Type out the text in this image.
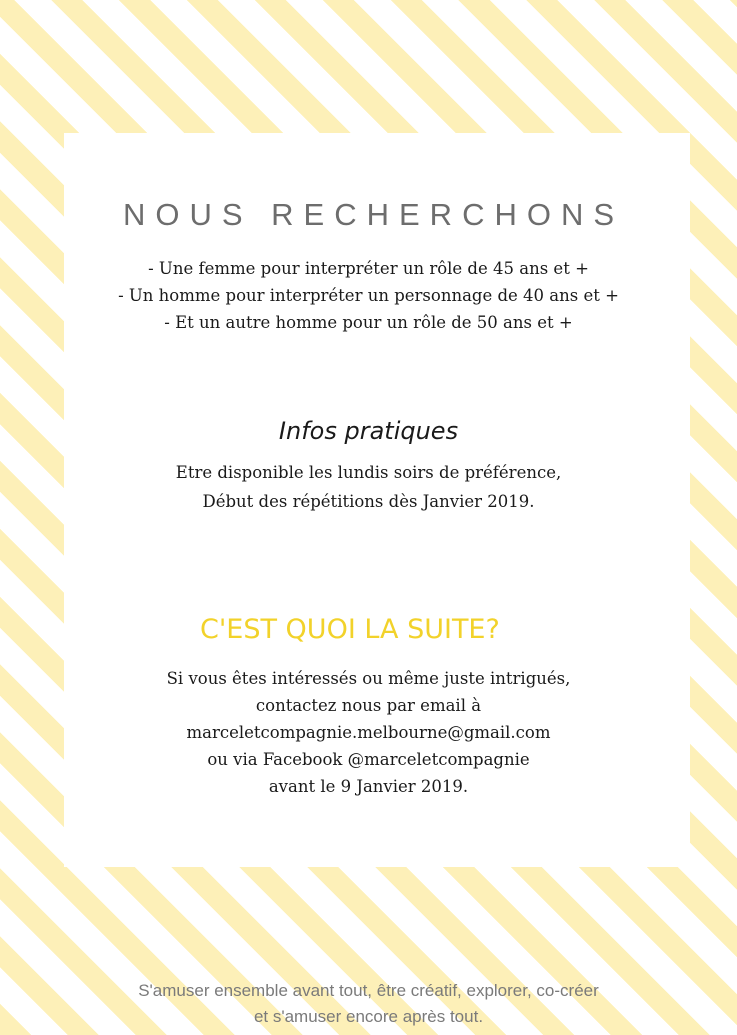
NOUS RECHERCHONS
- Une femme pour interpréter un rôle de 45 ans et +
- Un homme pour interpréter un personnage de 40 ans et +
- Et un autre homme pour un rôle de 50 ans et +
Infos pratiques
Etre disponible les lundis soirs de préférence,
Début des répétitions dès Janvier 2019.
C'EST QUOI LA SUITE?
Si vous êtes intéressés ou même juste intrigués,
contactez nous par email à
marceletcompagnie.melbourne@gmail.com
ou via Facebook @marceletcompagnie
avant le 9 Janvier 2019.
S'amuser ensemble avant tout, être créatif, explorer, co-créer
et s'amuser encore après tout.
